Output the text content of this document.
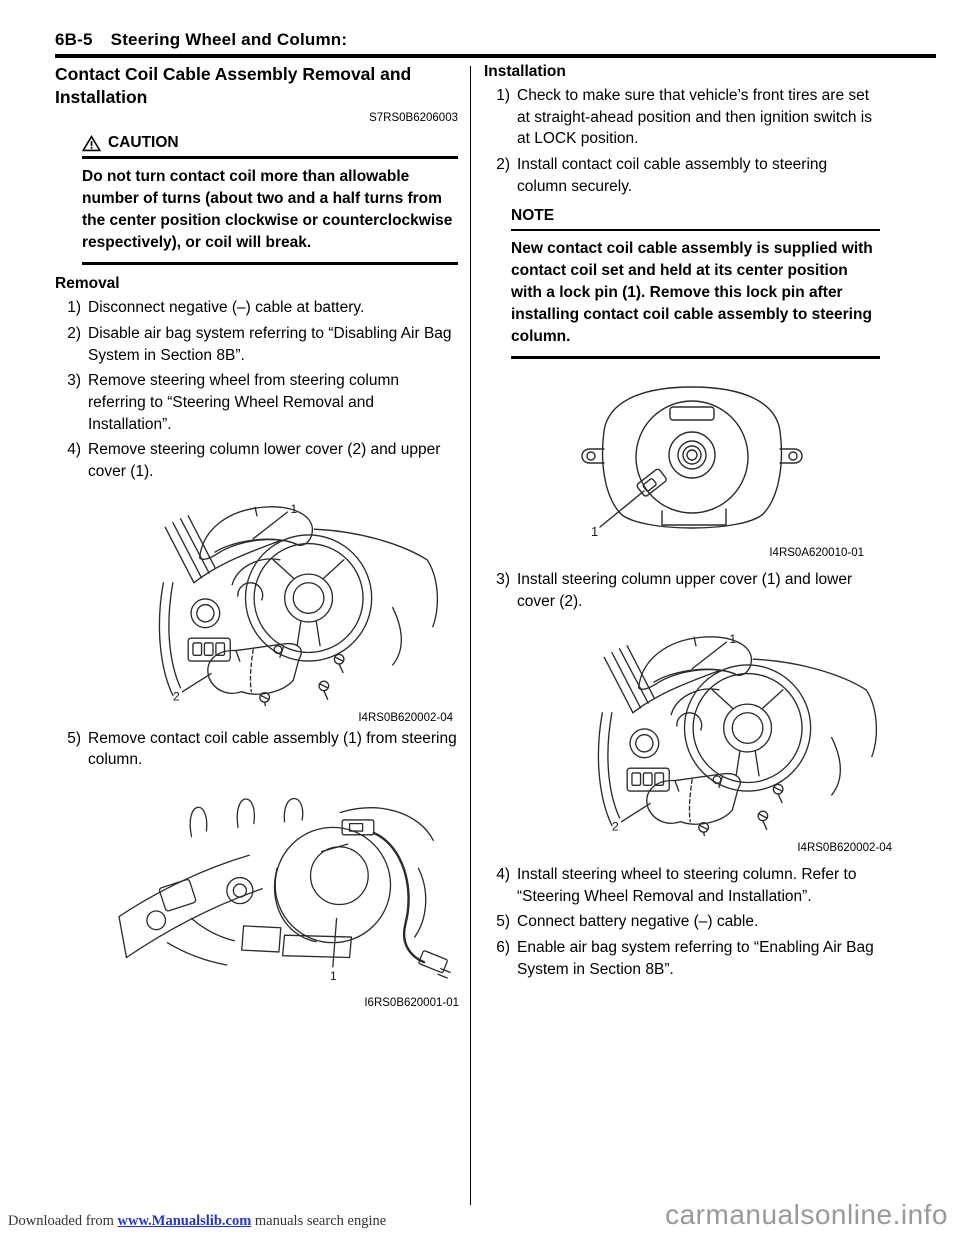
6B-5 Steering Wheel and Column:
Contact Coil Cable Assembly Removal and Installation
S7RS0B6206003
CAUTION
Do not turn contact coil more than allowable number of turns (about two and a half turns from the center position clockwise or counterclockwise respectively), or coil will break.
Removal
1) Disconnect negative (–) cable at battery.
2) Disable air bag system referring to “Disabling Air Bag System in Section 8B”.
3) Remove steering wheel from steering column referring to “Steering Wheel Removal and Installation”.
4) Remove steering column lower cover (2) and upper cover (1).
1
2
I4RS0B620002-04
5) Remove contact coil cable assembly (1) from steering column.
1
I6RS0B620001-01
Installation
1) Check to make sure that vehicle’s front tires are set at straight-ahead position and then ignition switch is at LOCK position.
2) Install contact coil cable assembly to steering column securely.
NOTE
New contact coil cable assembly is supplied with contact coil set and held at its center position with a lock pin (1). Remove this lock pin after installing contact coil cable assembly to steering column.
1
I4RS0A620010-01
3) Install steering column upper cover (1) and lower cover (2).
1
2
I4RS0B620002-04
4) Install steering wheel to steering column. Refer to “Steering Wheel Removal and Installation”.
5) Connect battery negative (–) cable.
6) Enable air bag system referring to “Enabling Air Bag System in Section 8B”.
Downloaded from www.Manualslib.com manuals search engine	carmanualsonline.info
